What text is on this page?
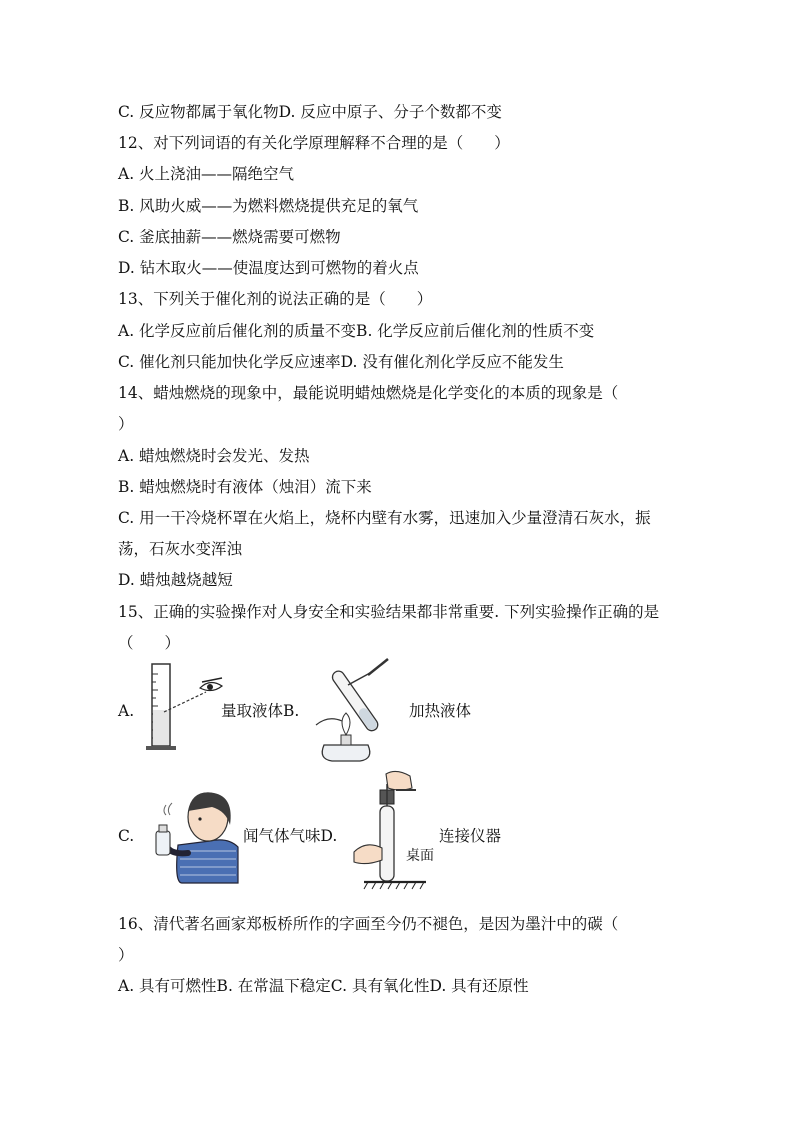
C. 反应物都属于氧化物D. 反应中原子、分子个数都不变
12、对下列词语的有关化学原理解释不合理的是（　　）
A. 火上浇油——隔绝空气
B. 风助火威——为燃料燃烧提供充足的氧气
C. 釜底抽薪——燃烧需要可燃物
D. 钻木取火——使温度达到可燃物的着火点
13、下列关于催化剂的说法正确的是（　　）
A. 化学反应前后催化剂的质量不变B. 化学反应前后催化剂的性质不变
C. 催化剂只能加快化学反应速率D. 没有催化剂化学反应不能发生
14、蜡烛燃烧的现象中，最能说明蜡烛燃烧是化学变化的本质的现象是（
）
A. 蜡烛燃烧时会发光、发热
B. 蜡烛燃烧时有液体（烛泪）流下来
C. 用一干冷烧杯罩在火焰上，烧杯内壁有水雾，迅速加入少量澄清石灰水，振
荡，石灰水变浑浊
D. 蜡烛越烧越短
15、正确的实验操作对人身安全和实验结果都非常重要. 下列实验操作正确的是
（　　）
A.	量取液体B.	加热液体
C.	闻气体气味D.
桌面
连接仪器
16、清代著名画家郑板桥所作的字画至今仍不褪色，是因为墨汁中的碳（
）
A. 具有可燃性B. 在常温下稳定C. 具有氧化性D. 具有还原性
